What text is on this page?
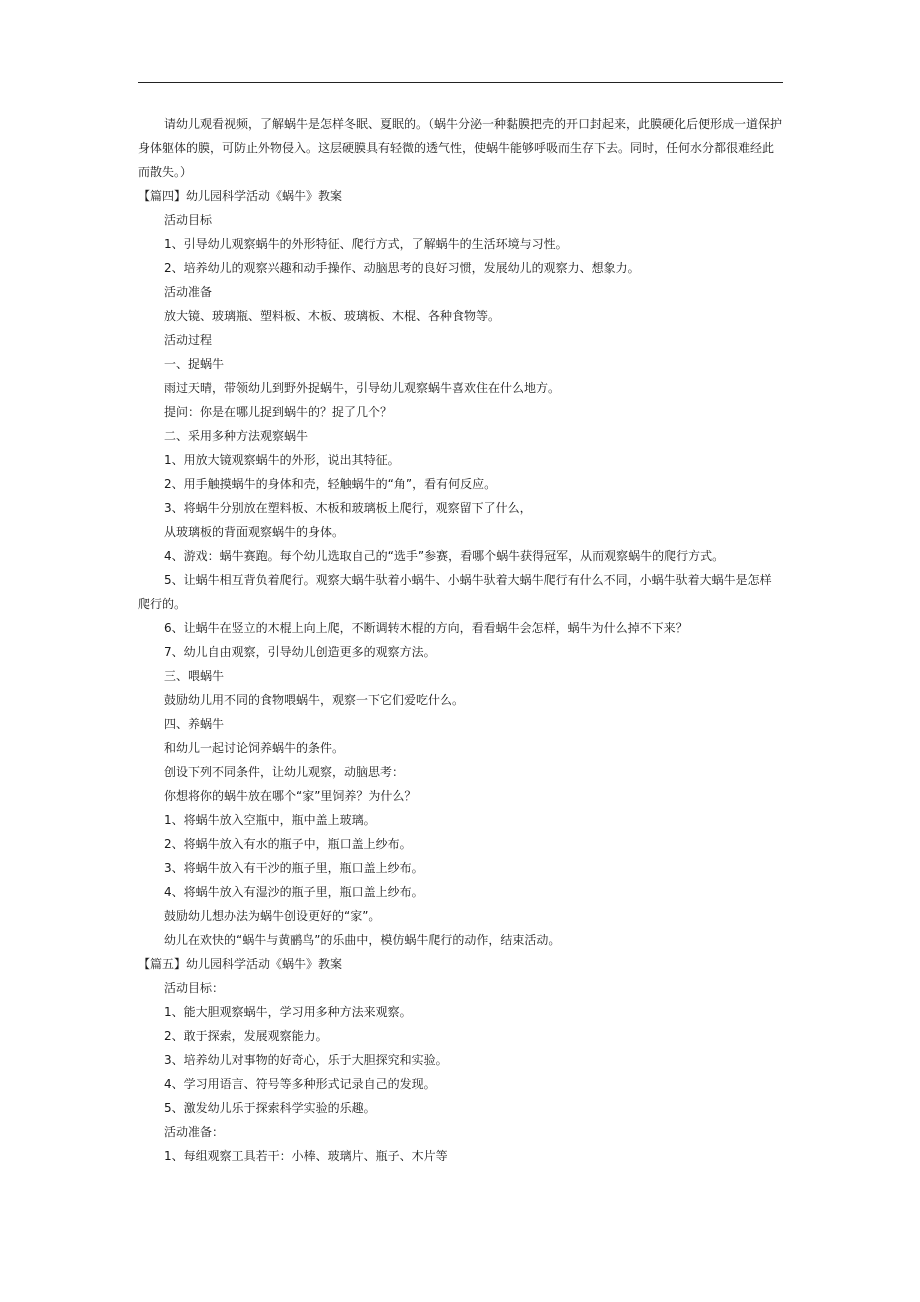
请幼儿观看视频，了解蜗牛是怎样冬眠、夏眠的。（蜗牛分泌一种黏膜把壳的开口封起来，此膜硬化后便形成一道保护身体躯体的膜，可防止外物侵入。这层硬膜具有轻微的透气性，使蜗牛能够呼吸而生存下去。同时，任何水分都很难经此而散失。）

【篇四】幼儿园科学活动《蜗牛》教案

活动目标

1、引导幼儿观察蜗牛的外形特征、爬行方式，了解蜗牛的生活环境与习性。

2、培养幼儿的观察兴趣和动手操作、动脑思考的良好习惯，发展幼儿的观察力、想象力。

活动准备

放大镜、玻璃瓶、塑料板、木板、玻璃板、木棍、各种食物等。

活动过程

一、捉蜗牛

雨过天晴，带领幼儿到野外捉蜗牛，引导幼儿观察蜗牛喜欢住在什么地方。

提问：你是在哪儿捉到蜗牛的？捉了几个？

二、采用多种方法观察蜗牛

1、用放大镜观察蜗牛的外形，说出其特征。

2、用手触摸蜗牛的身体和壳，轻触蜗牛的“角”，看有何反应。

3、将蜗牛分别放在塑料板、木板和玻璃板上爬行，观察留下了什么，

从玻璃板的背面观察蜗牛的身体。

4、游戏：蜗牛赛跑。每个幼儿选取自己的“选手”参赛，看哪个蜗牛获得冠军，从而观察蜗牛的爬行方式。

5、让蜗牛相互背负着爬行。观察大蜗牛驮着小蜗牛、小蜗牛驮着大蜗牛爬行有什么不同，小蜗牛驮着大蜗牛是怎样爬行的。

6、让蜗牛在竖立的木棍上向上爬，不断调转木棍的方向，看看蜗牛会怎样，蜗牛为什么掉不下来？

7、幼儿自由观察，引导幼儿创造更多的观察方法。

三、喂蜗牛

鼓励幼儿用不同的食物喂蜗牛，观察一下它们爱吃什么。

四、养蜗牛

和幼儿一起讨论饲养蜗牛的条件。

创设下列不同条件，让幼儿观察，动脑思考：

你想将你的蜗牛放在哪个“家”里饲养？为什么？

1、将蜗牛放入空瓶中，瓶中盖上玻璃。

2、将蜗牛放入有水的瓶子中，瓶口盖上纱布。

3、将蜗牛放入有干沙的瓶子里，瓶口盖上纱布。

4、将蜗牛放入有湿沙的瓶子里，瓶口盖上纱布。

鼓励幼儿想办法为蜗牛创设更好的“家”。

幼儿在欢快的“蜗牛与黄鹂鸟”的乐曲中，模仿蜗牛爬行的动作，结束活动。

【篇五】幼儿园科学活动《蜗牛》教案

活动目标：

1、能大胆观察蜗牛，学习用多种方法来观察。

2、敢于探索，发展观察能力。

3、培养幼儿对事物的好奇心，乐于大胆探究和实验。

4、学习用语言、符号等多种形式记录自己的发现。

5、激发幼儿乐于探索科学实验的乐趣。

活动准备：

1、每组观察工具若干：小棒、玻璃片、瓶子、木片等
